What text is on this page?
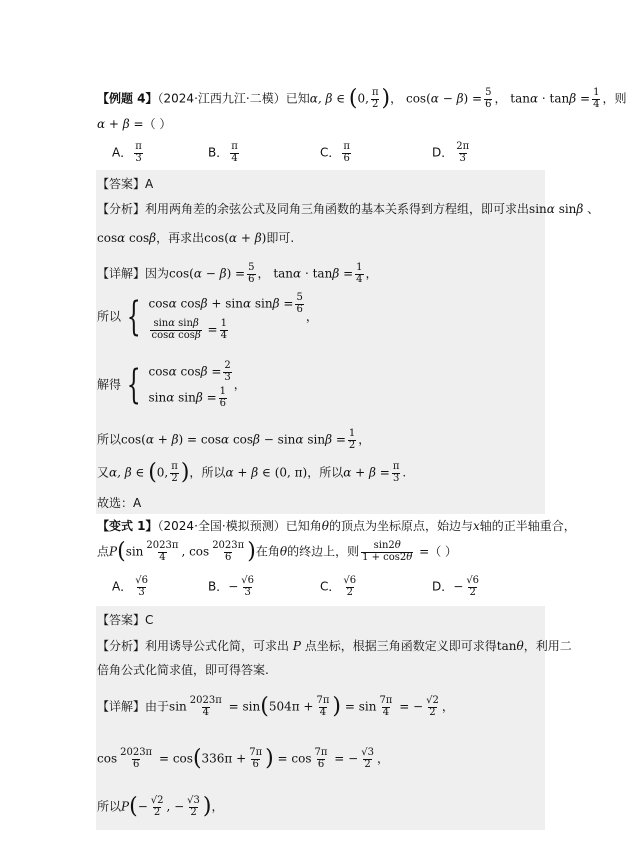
【例题 4】（2024·江西九江·二模）已知α, β ∈ (0, $\frac{\pi}{2}$ )， $\cos(\alpha - \beta) = \frac{5}{6}$ ， $\tan\alpha \cdot \tan\beta = \frac{1}{4}$ ，则
α + β =（ ）
A． $\frac{\pi}{3}$	B． $\frac{\pi}{4}$	C． $\frac{\pi}{6}$	D． $\frac{2\pi}{3}$
【答案】A
【分析】利用两角差的余弦公式及同角三角函数的基本关系得到方程组，即可求出sinα sinβ 、
cosα cosβ，再求出cos(α + β)即可.
【详解】因为$\cos(\alpha - \beta) = \frac{5}{6}$ ， $\tan\alpha \cdot \tan\beta = \frac{1}{4}$ ，
所以 { cosα cosβ + sinα $\sin\beta = \frac{5}{6}$
$\frac{\text{sinα sinβ}}{\text{cosα cosβ}} = \frac{1}{4}$
，
解得 { cosα $\cos\beta = \frac{2}{3}$
sinα $\sin\beta = \frac{1}{6}$
，
所以cos(α + β) = cosα cosβ − sinα $\sin\beta = \frac{1}{2}$ ，
又α, β ∈ (0, $\frac{\pi}{2}$ )，所以α + β ∈ (0, π)，所以$\alpha + \beta = \frac{\pi}{3}$ .
故选：A
【变式 1】（2024·全国·模拟预测）已知角θ的顶点为坐标原点，始边与x轴的正半轴重合，
点$P(\sin \frac{2023\pi}{4}$ , $\cos \frac{2023\pi}{6}$ )在角θ的终边上，则 $\frac{\sin 2\theta}{1 + \cos 2\theta}$ =（ ）
A． $\frac{√6}{3}$	B．− $\frac{√6}{3}$	C． $\frac{√6}{2}$	D．− $\frac{√6}{2}$
【答案】C
【分析】利用诱导公式化简，可求出 P 点坐标，根据三角函数定义即可求得tanθ，利用二
倍角公式化简求值，即可得答案.
【详解】由于$\sin \frac{2023\pi}{4} = \sin(504\pi + \frac{7\pi}{4}$ ) = $\sin \frac{7\pi}{4}$ = − $\frac{√2}{2}$ ，
$\cos \frac{2023\pi}{6} = \cos(336\pi + \frac{7\pi}{6}$ ) = $\cos \frac{7\pi}{6}$ = − $\frac{√3}{2}$ ，
所以$P(- \frac{√2}{2}$ , − $\frac{√3}{2}$ )，
